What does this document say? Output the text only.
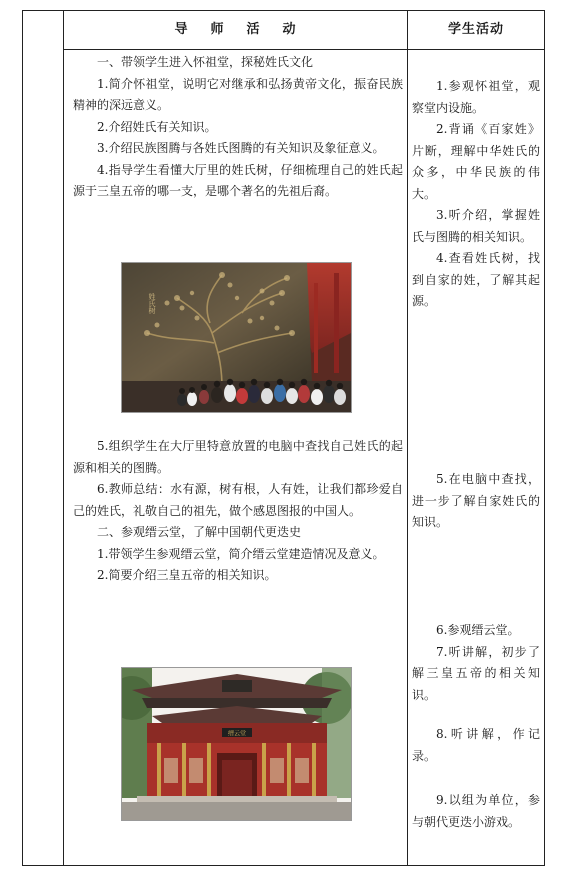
导 师 活 动	学生活动

一、带领学生进入怀祖堂，探秘姓氏文化

1.简介怀祖堂，说明它对继承和弘扬黄帝文化，振奋民族精神的深远意义。

2.介绍姓氏有关知识。

3.介绍民族图腾与各姓氏图腾的有关知识及象征意义。

4.指导学生看懂大厅里的姓氏树，仔细梳理自己的姓氏起源于三皇五帝的哪一支，是哪个著名的先祖后裔。

姓氏树

5.组织学生在大厅里特意放置的电脑中查找自己姓氏的起源和相关的图腾。

6.教师总结：水有源，树有根，人有姓，让我们都珍爱自己的姓氏，礼敬自己的祖先，做个感恩图报的中国人。

二、参观缙云堂，了解中国朝代更迭史

1.带领学生参观缙云堂，简介缙云堂建造情况及意义。

2.简要介绍三皇五帝的相关知识。

缙云堂

1.参观怀祖堂，观察堂内设施。

2.背诵《百家姓》片断，理解中华姓氏的众多，中华民族的伟大。

3.听介绍，掌握姓氏与图腾的相关知识。

4.查看姓氏树，找到自家的姓，了解其起源。

5.在电脑中查找，进一步了解自家姓氏的知识。

6.参观缙云堂。

7.听讲解，初步了解三皇五帝的相关知识。

8.听讲解，作记录。

9.以组为单位，参与朝代更迭小游戏。
